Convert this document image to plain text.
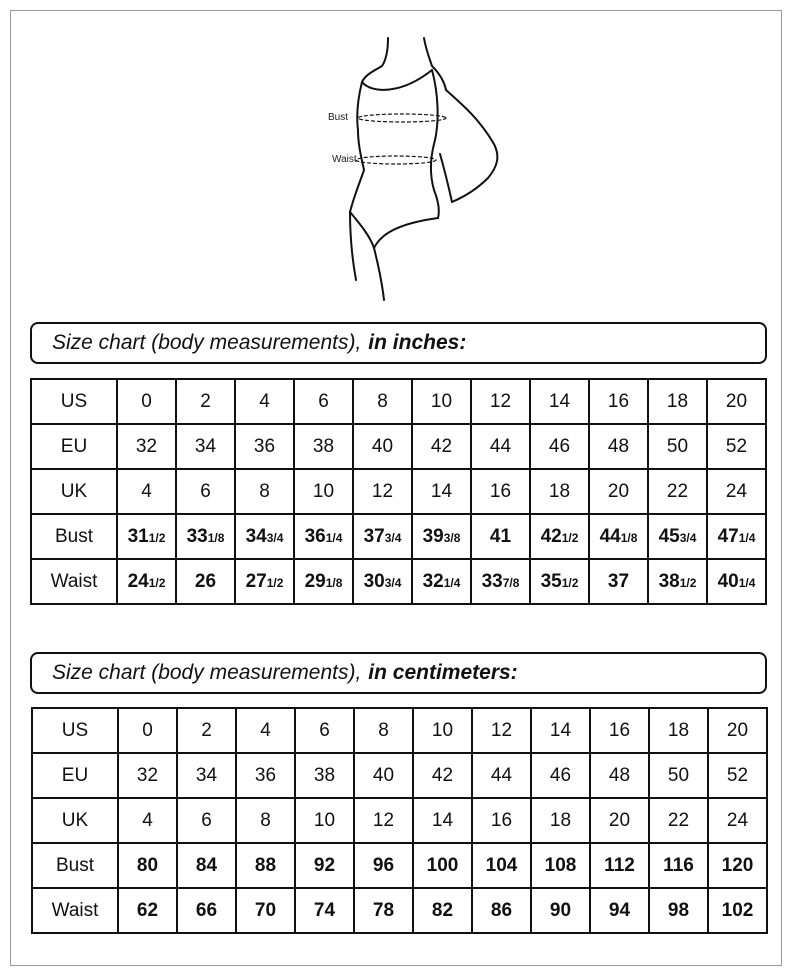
Bust
Waist
Size chart (body measurements), in inches:
US	0	2	4	6	8	10	12	14	16	18	20
EU	32	34	36	38	40	42	44	46	48	50	52
UK	4	6	8	10	12	14	16	18	20	22	24
Bust	311/2	331/8	343/4	361/4	373/4	393/8	41	421/2	441/8	453/4	471/4
Waist	241/2	26	271/2	291/8	303/4	321/4	337/8	351/2	37	381/2	401/4
Size chart (body measurements), in centimeters:
US	0	2	4	6	8	10	12	14	16	18	20
EU	32	34	36	38	40	42	44	46	48	50	52
UK	4	6	8	10	12	14	16	18	20	22	24
Bust	80	84	88	92	96	100	104	108	112	116	120
Waist	62	66	70	74	78	82	86	90	94	98	102
